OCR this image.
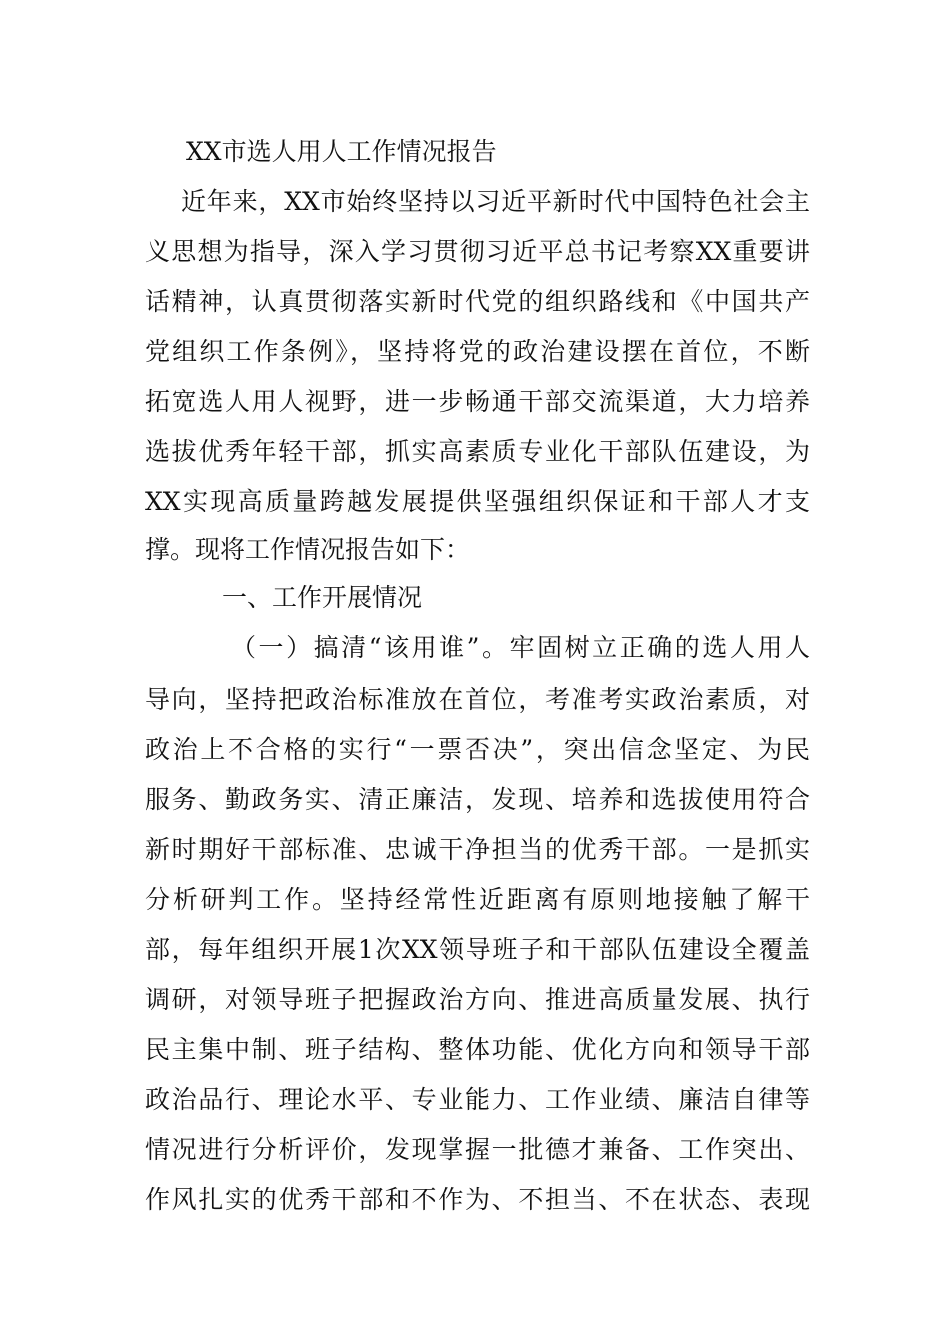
XX市选人用人工作情况报告
近年来，XX市始终坚持以习近平新时代中国特色社会主
义思想为指导，深入学习贯彻习近平总书记考察XX重要讲
话精神，认真贯彻落实新时代党的组织路线和《中国共产
党组织工作条例》，坚持将党的政治建设摆在首位，不断
拓宽选人用人视野，进一步畅通干部交流渠道，大力培养
选拔优秀年轻干部，抓实高素质专业化干部队伍建设，为
XX实现高质量跨越发展提供坚强组织保证和干部人才支
撑。现将工作情况报告如下：
一、工作开展情况
（一）搞清“该用谁”。牢固树立正确的选人用人
导向，坚持把政治标准放在首位，考准考实政治素质，对
政治上不合格的实行“一票否决”，突出信念坚定、为民
服务、勤政务实、清正廉洁，发现、培养和选拔使用符合
新时期好干部标准、忠诚干净担当的优秀干部。一是抓实
分析研判工作。坚持经常性近距离有原则地接触了解干
部，每年组织开展1次XX领导班子和干部队伍建设全覆盖
调研，对领导班子把握政治方向、推进高质量发展、执行
民主集中制、班子结构、整体功能、优化方向和领导干部
政治品行、理论水平、专业能力、工作业绩、廉洁自律等
情况进行分析评价，发现掌握一批德才兼备、工作突出、
作风扎实的优秀干部和不作为、不担当、不在状态、表现
